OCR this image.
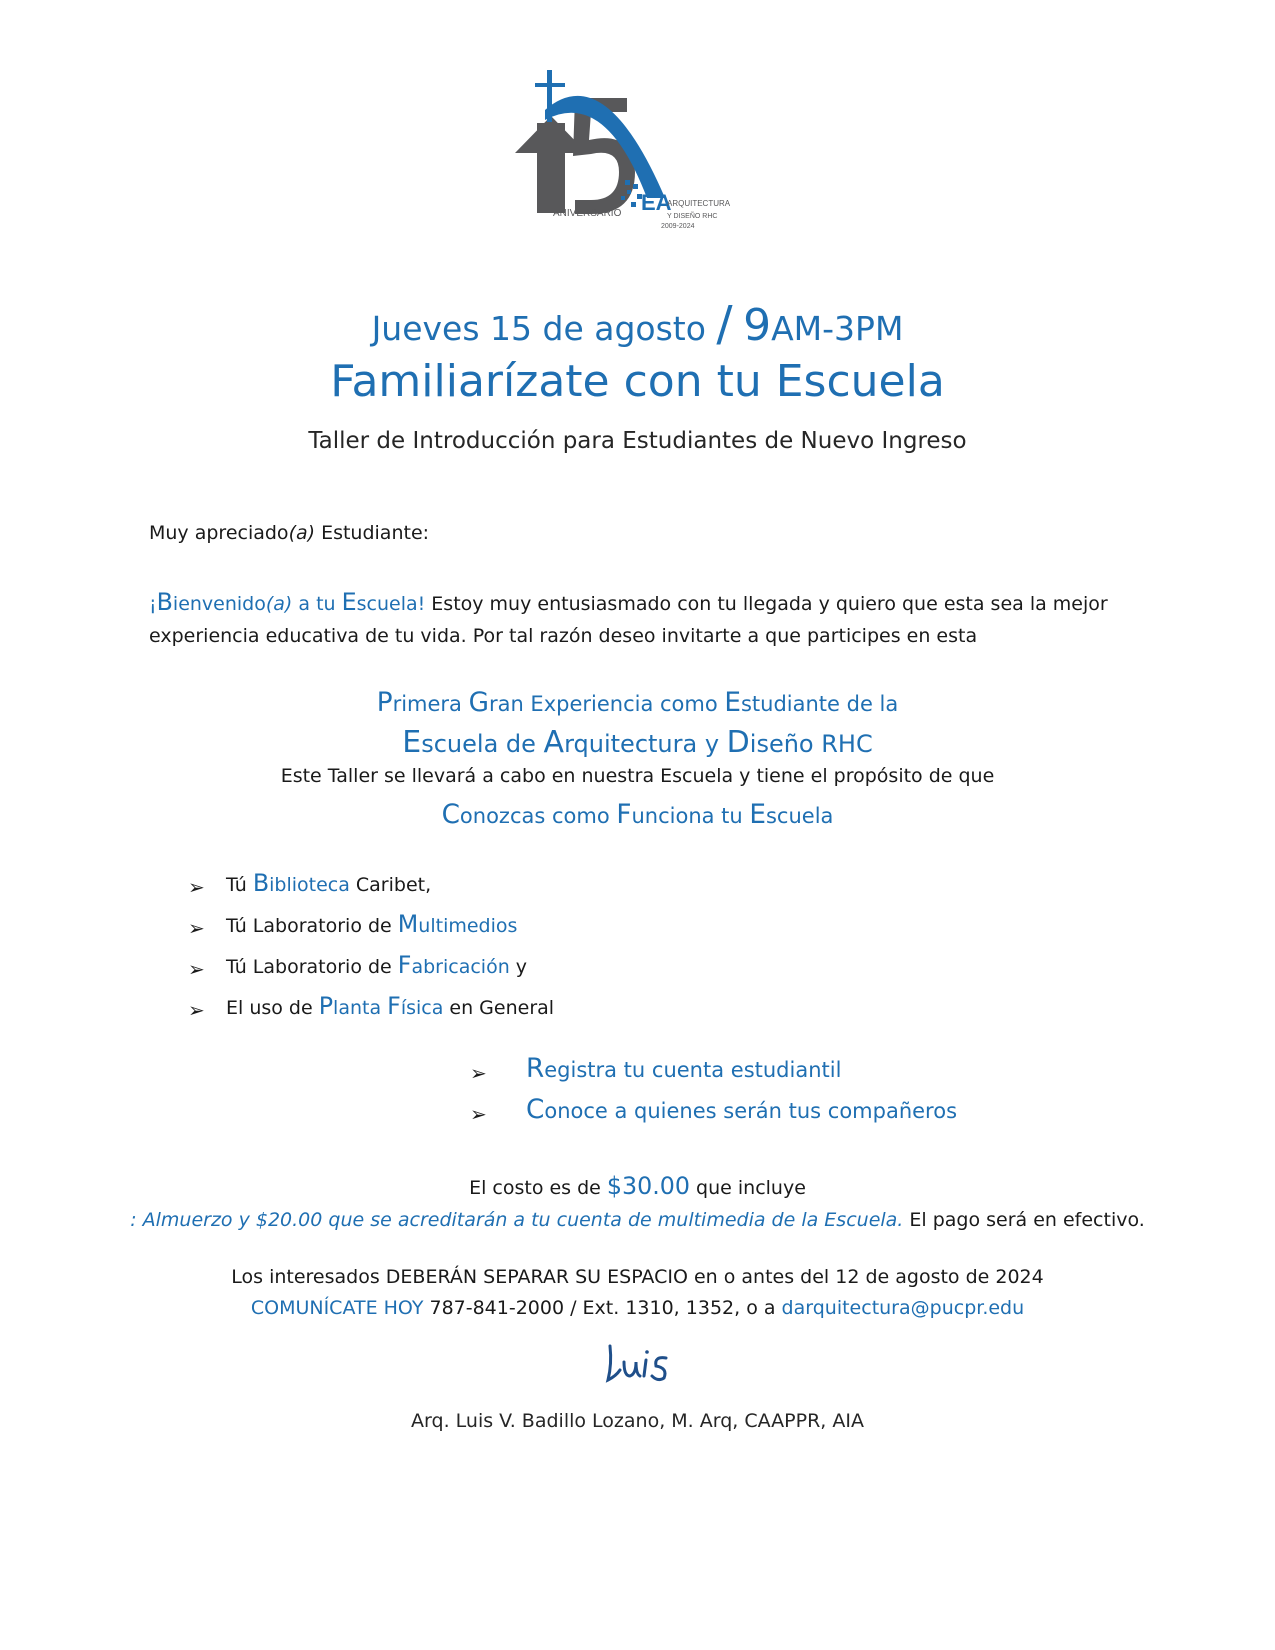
ANIVERSARIO EA
ARQUITECTURA
Y DISEÑO RHC
2009-2024
Jueves 15 de agosto / 9AM-3PM
Familiarízate con tu Escuela
Taller de Introducción para Estudiantes de Nuevo Ingreso
Muy apreciado(a) Estudiante:
¡Bienvenido(a) a tu Escuela! Estoy muy entusiasmado con tu llegada y quiero que esta sea la mejor experiencia educativa de tu vida. Por tal razón deseo invitarte a que participes en esta
Primera Gran Experiencia como Estudiante de la
Escuela de Arquitectura y Diseño RHC
Este Taller se llevará a cabo en nuestra Escuela y tiene el propósito de que
Conozcas como Funciona tu Escuela
➢ Tú Biblioteca Caribet,
➢ Tú Laboratorio de Multimedios
➢ Tú Laboratorio de Fabricación y
➢ El uso de Planta Física en General
➢ Registra tu cuenta estudiantil
➢ Conoce a quienes serán tus compañeros
El costo es de $30.00 que incluye
: Almuerzo y $20.00 que se acreditarán a tu cuenta de multimedia de la Escuela. El pago será en efectivo.
Los interesados DEBERÁN SEPARAR SU ESPACIO en o antes del 12 de agosto de 2024
COMUNÍCATE HOY 787-841-2000 / Ext. 1310, 1352, o a darquitectura@pucpr.edu
Arq. Luis V. Badillo Lozano, M. Arq, CAAPPR, AIA
